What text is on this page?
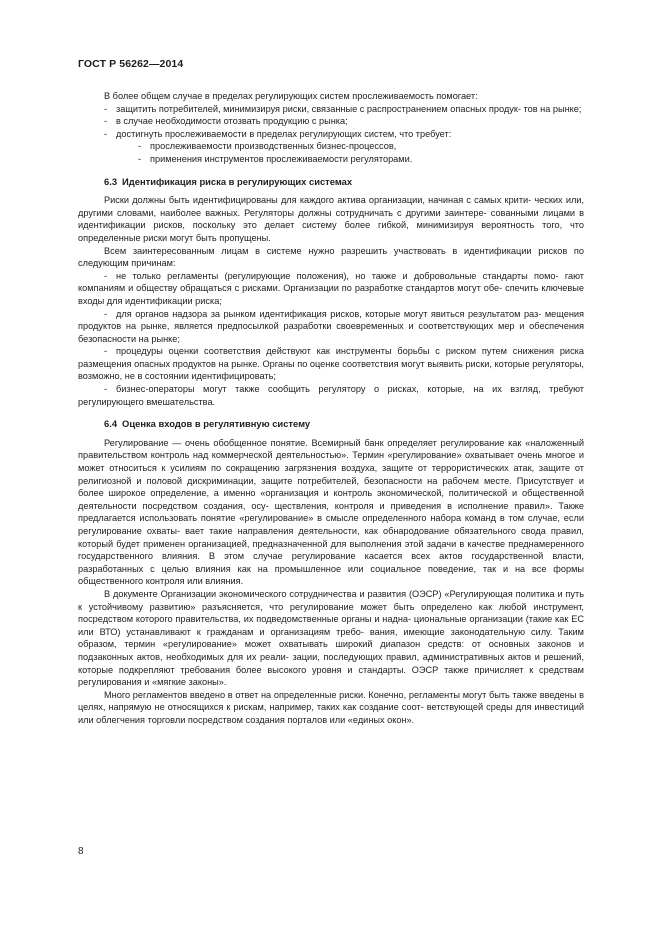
ГОСТ Р 56262—2014

В более общем случае в пределах регулирующих систем прослеживаемость помогает:

- защитить потребителей, минимизируя риски, связанные с распространением опасных продук- тов на рынке;

- в случае необходимости отозвать продукцию с рынка;

- достигнуть прослеживаемости в пределах регулирующих систем, что требует:

- прослеживаемости производственных бизнес-процессов,

- применения инструментов прослеживаемости регуляторами.

6.3 Идентификация риска в регулирующих системах

Риски должны быть идентифицированы для каждого актива организации, начиная с самых крити- ческих или, другими словами, наиболее важных. Регуляторы должны сотрудничать с другими заинтере- сованными лицами в идентификации рисков, поскольку это делает систему более гибкой, минимизируя вероятность того, что определенные риски могут быть пропущены.

Всем заинтересованным лицам в системе нужно разрешить участвовать в идентификации рисков по следующим причинам:

- не только регламенты (регулирующие положения), но также и добровольные стандарты помо- гают компаниям и обществу обращаться с рисками. Организации по разработке стандартов могут обе- спечить ключевые входы для идентификации риска;

- для органов надзора за рынком идентификация рисков, которые могут явиться результатом раз- мещения продуктов на рынке, является предпосылкой разработки своевременных и соответствующих мер и обеспечения безопасности на рынке;

- процедуры оценки соответствия действуют как инструменты борьбы с риском путем снижения риска размещения опасных продуктов на рынке. Органы по оценке соответствия могут выявить риски, которые регуляторы, возможно, не в состоянии идентифицировать;

- бизнес-операторы могут также сообщить регулятору о рисках, которые, на их взгляд, требуют регулирующего вмешательства.

6.4 Оценка входов в регулятивную систему

Регулирование — очень обобщенное понятие. Всемирный банк определяет регулирование как «наложенный правительством контроль над коммерческой деятельностью». Термин «регулирование» охватывает очень многое и может относиться к усилиям по сокращению загрязнения воздуха, защите от террористических атак, защите от религиозной и половой дискриминации, защите потребителей, безопасности на рабочем месте. Присутствует и более широкое определение, а именно «организация и контроль экономической, политической и общественной деятельности посредством создания, осу- ществления, контроля и приведения в исполнение правил». Также предлагается использовать понятие «регулирование» в смысле определенного набора команд в том случае, если регулирование охваты- вает такие направления деятельности, как обнародование обязательного свода правил, который будет применен организацией, предназначенной для выполнения этой задачи в качестве преднамеренного государственного влияния. В этом случае регулирование касается всех актов государственной власти, разработанных с целью влияния как на промышленное или социальное поведение, так и на все формы общественного контроля или влияния.

В документе Организации экономического сотрудничества и развития (ОЭСР) «Регулирующая политика и путь к устойчивому развитию» разъясняется, что регулирование может быть определено как любой инструмент, посредством которого правительства, их подведомственные органы и надна- циональные организации (такие как ЕС или ВТО) устанавливают к гражданам и организациям требо- вания, имеющие законодательную силу. Таким образом, термин «регулирование» может охватывать широкий диапазон средств: от основных законов и подзаконных актов, необходимых для их реали- зации, последующих правил, административных актов и решений, которые подкрепляют требования более высокого уровня и стандарты. ОЭСР также причисляет к средствам регулирования и «мягкие законы».

Много регламентов введено в ответ на определенные риски. Конечно, регламенты могут быть также введены в целях, напрямую не относящихся к рискам, например, таких как создание соот- ветствующей среды для инвестиций или облегчения торговли посредством создания порталов или «единых окон».

8
